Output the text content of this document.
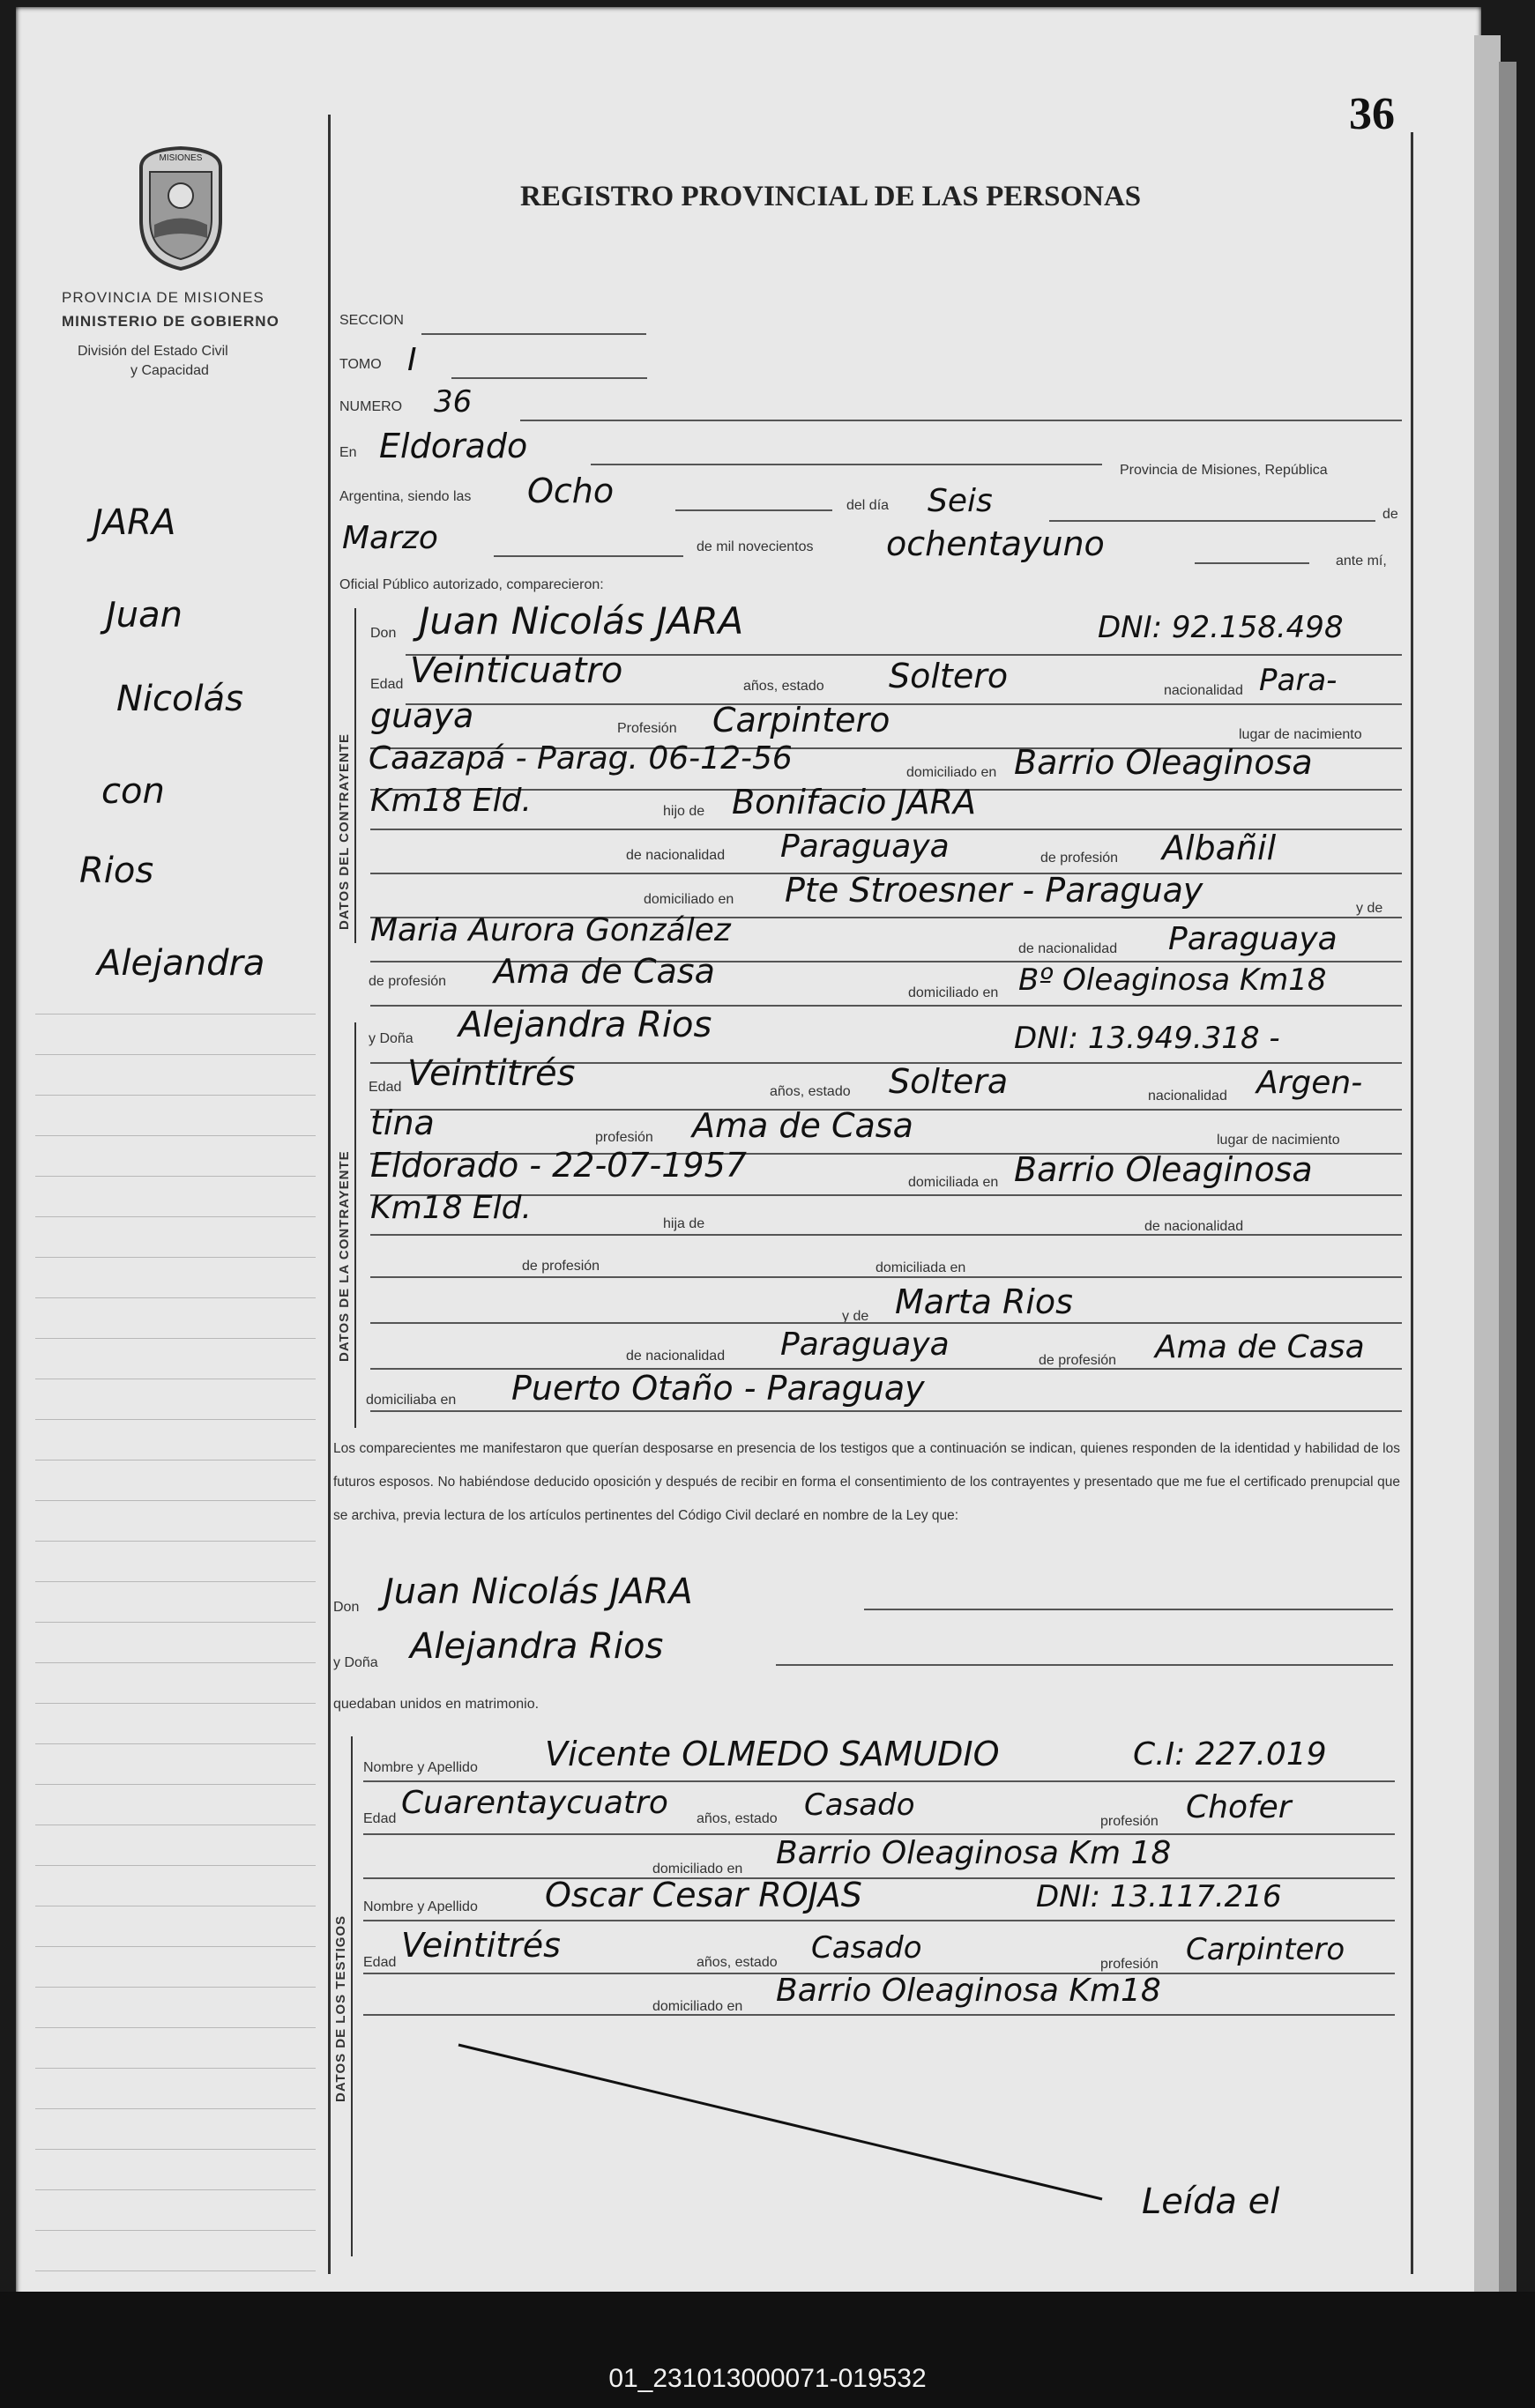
36
MISIONES
PROVINCIA DE MISIONES
MINISTERIO DE GOBIERNO
División del Estado Civil
y Capacidad
REGISTRO PROVINCIAL DE LAS PERSONAS
JARA
Juan
Nicolás
con
Rios
Alejandra
SECCION
TOMO I
NUMERO 36
En Eldorado
Provincia de Misiones, República
Argentina, siendo las Ocho	del día Seis	de
Marzo	de mil novecientos ochentayuno	ante mí,
Oficial Público autorizado, comparecieron:
DATOS DEL CONTRAYENTE
DATOS DE LA CONTRAYENTE
DATOS DE LOS TESTIGOS
Don Juan Nicolás JARA	DNI: 92.158.498
Edad Veinticuatro	años, estado Soltero	nacionalidad Para-
guaya	Profesión Carpintero	lugar de nacimiento
Caazapá - Parag. 06-12-56	domiciliado en Barrio Oleaginosa
Km18 Eld.	hijo de Bonifacio JARA
de nacionalidad Paraguaya	de profesión Albañil
domiciliado en Pte Stroesner - Paraguay	y de
Maria Aurora González
de nacionalidad Paraguaya
de profesión Ama de Casa
domiciliado en Bº Oleaginosa Km18
y Doña Alejandra Rios	DNI: 13.949.318 -
Edad Veintitrés	años, estado Soltera	nacionalidad Argen-
tina	profesión Ama de Casa	lugar de nacimiento
Eldorado - 22-07-1957	domiciliada en Barrio Oleaginosa
Km18 Eld.	hija de	de nacionalidad
de profesión	domiciliada en
y de Marta Rios
de nacionalidad Paraguaya	de profesión Ama de Casa
domiciliaba en Puerto Otaño - Paraguay
Los comparecientes me manifestaron que querían desposarse en presencia de los testigos que a continuación se indican, quienes responden de la identidad y habilidad de los futuros esposos. No habiéndose deducido oposición y después de recibir en forma el consentimiento de los contrayentes y presentado que me fue el certificado prenupcial que se archiva, previa lectura de los artículos pertinentes del Código Civil declaré en nombre de la Ley que:
Don Juan Nicolás JARA
y Doña Alejandra Rios
quedaban unidos en matrimonio.
Nombre y Apellido Vicente OLMEDO SAMUDIO	C.I: 227.019
Edad Cuarentaycuatro años, estado Casado	profesión Chofer
domiciliado en Barrio Oleaginosa Km 18
Nombre y Apellido Oscar Cesar ROJAS	DNI: 13.117.216
Edad Veintitrés	años, estado Casado	profesión Carpintero
domiciliado en Barrio Oleaginosa Km18
Leída el
01_231013000071-019532
